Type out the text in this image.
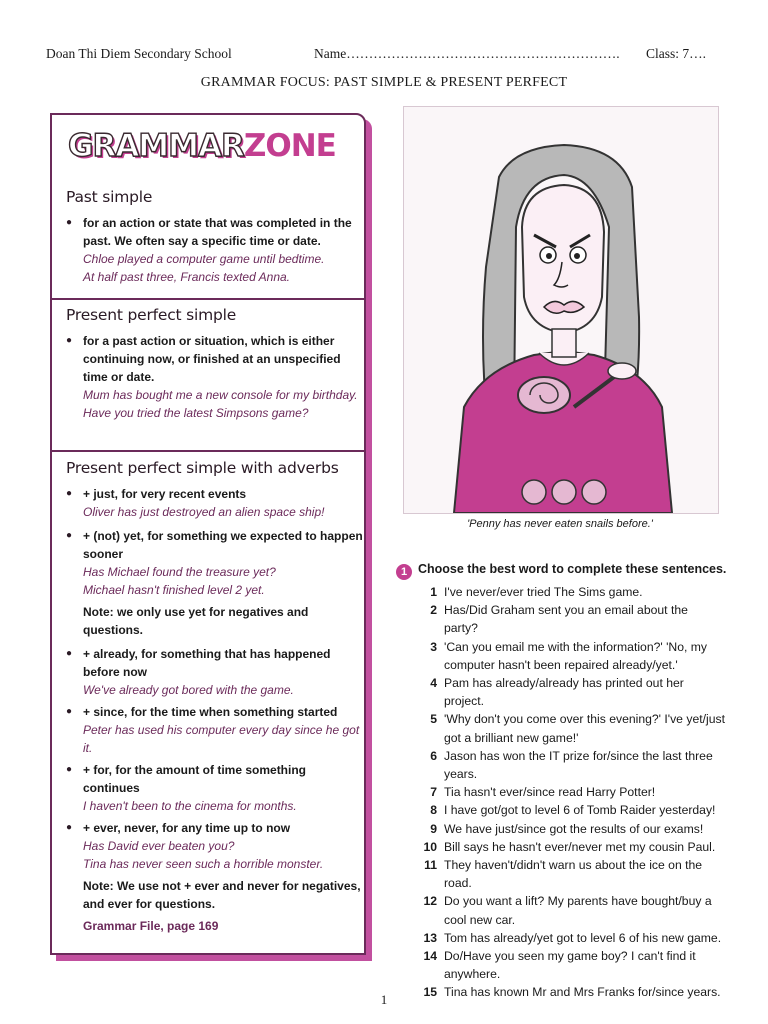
Doan Thi Diem Secondary School	Name……………………………………………………. Class: 7….
GRAMMAR FOCUS: PAST SIMPLE & PRESENT PERFECT
GRAMMARZONE
Past simple
● for an action or state that was completed in the past. We often say a specific time or date.
Chloe played a computer game until bedtime.
At half past three, Francis texted Anna.
Present perfect simple
● for a past action or situation, which is either continuing now, or finished at an unspecified time or date.
Mum has bought me a new console for my birthday.
Have you tried the latest Simpsons game?
Present perfect simple with adverbs
● + just, for very recent events
Oliver has just destroyed an alien space ship!
● + (not) yet, for something we expected to happen sooner
Has Michael found the treasure yet?
Michael hasn't finished level 2 yet.
Note: we only use yet for negatives and questions.
● + already, for something that has happened before now
We've already got bored with the game.
● + since, for the time when something started
Peter has used his computer every day since he got it.
● + for, for the amount of time something continues
I haven't been to the cinema for months.
● + ever, never, for any time up to now
Has David ever beaten you?
Tina has never seen such a horrible monster.
Note: We use not + ever and never for negatives, and ever for questions.
Grammar File, page 169
'Penny has never eaten snails before.'
1 Choose the best word to complete these sentences.
1 I've never/ever tried The Sims game.
2 Has/Did Graham sent you an email about the party?
3 'Can you email me with the information?' 'No, my computer hasn't been repaired already/yet.'
4 Pam has already/already has printed out her project.
5 'Why don't you come over this evening?' I've yet/just got a brilliant new game!'
6 Jason has won the IT prize for/since the last three years.
7 Tia hasn't ever/since read Harry Potter!
8 I have got/got to level 6 of Tomb Raider yesterday!
9 We have just/since got the results of our exams!
10 Bill says he hasn't ever/never met my cousin Paul.
11 They haven't/didn't warn us about the ice on the road.
12 Do you want a lift? My parents have bought/buy a cool new car.
13 Tom has already/yet got to level 6 of his new game.
14 Do/Have you seen my game boy? I can't find it anywhere.
15 Tina has known Mr and Mrs Franks for/since years.
1
